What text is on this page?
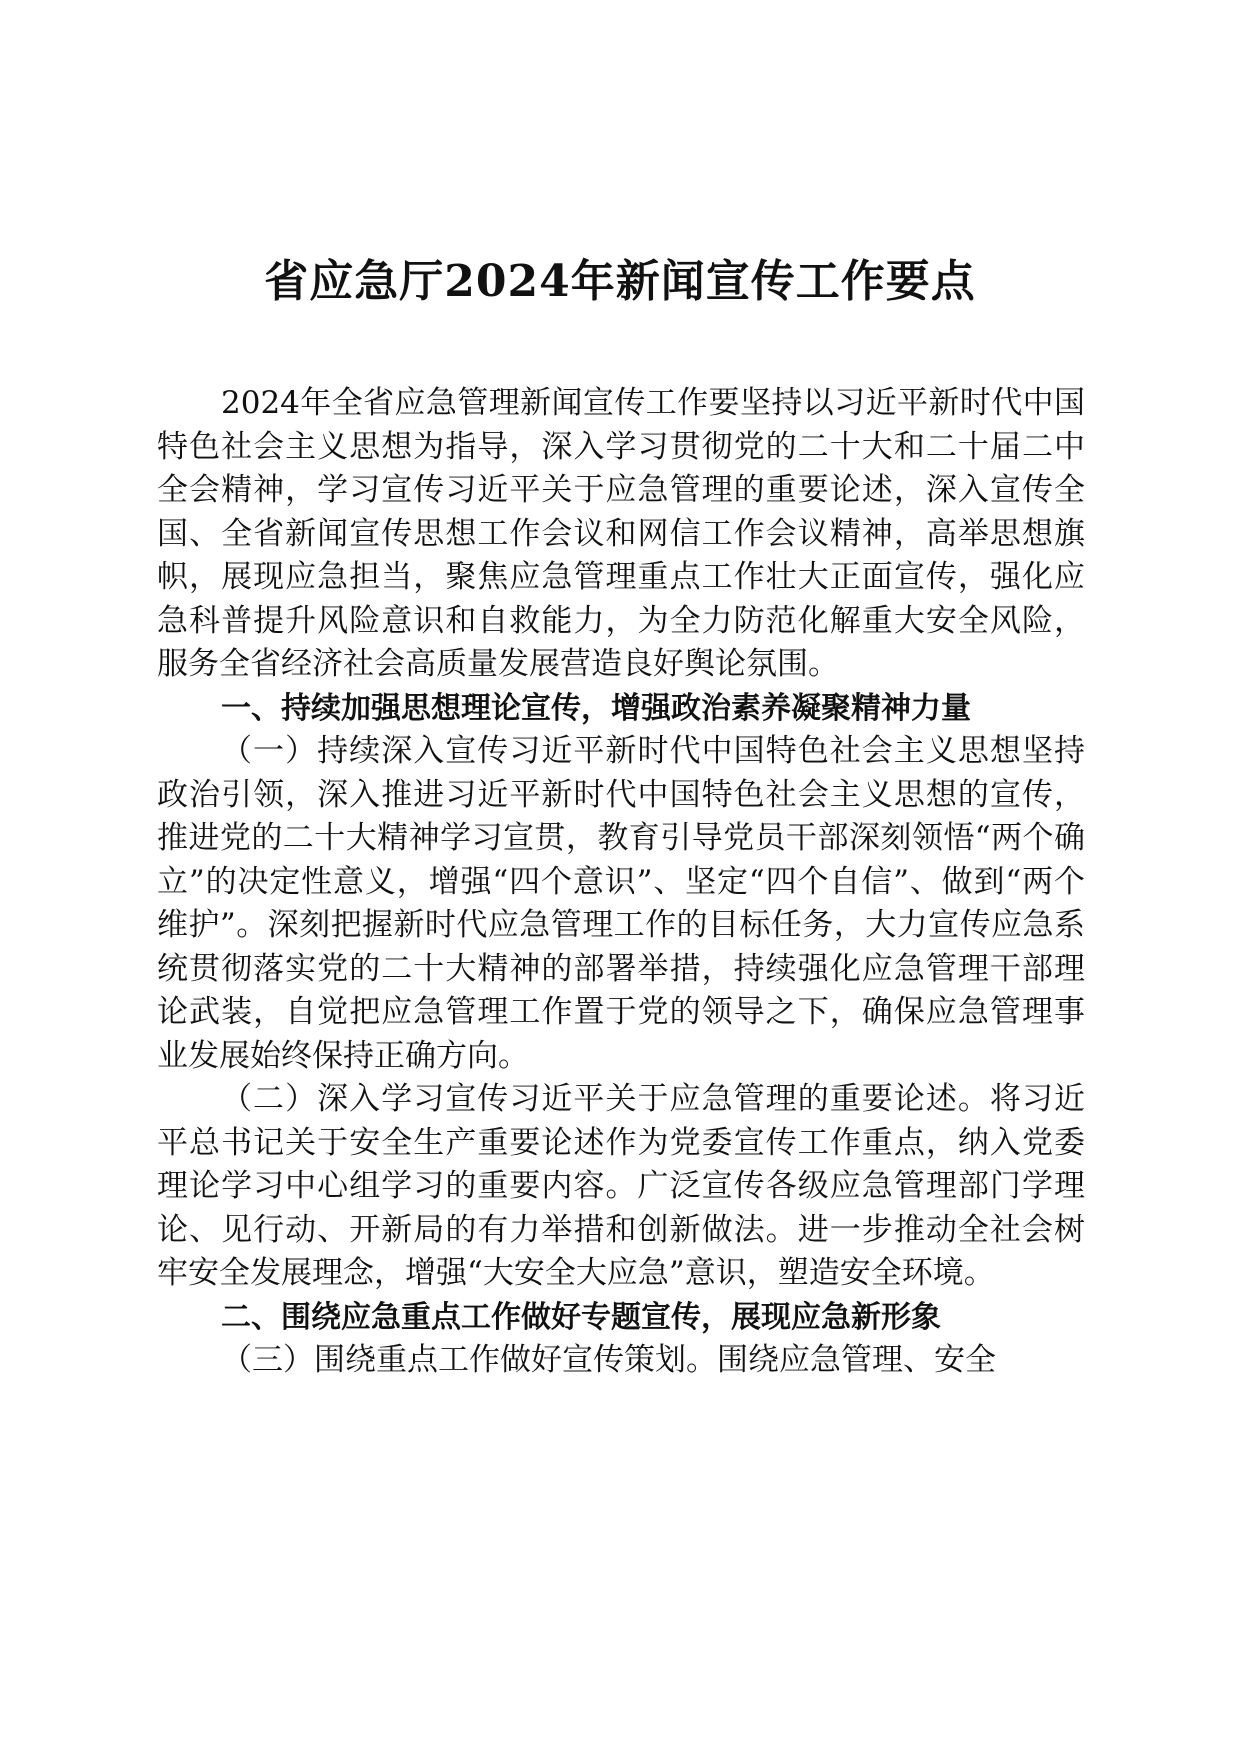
省应急厅2024年新闻宣传工作要点

2024年全省应急管理新闻宣传工作要坚持以习近平新时代中国特色社会主义思想为指导，深入学习贯彻党的二十大和二十届二中全会精神，学习宣传习近平关于应急管理的重要论述，深入宣传全国、全省新闻宣传思想工作会议和网信工作会议精神，高举思想旗帜，展现应急担当，聚焦应急管理重点工作壮大正面宣传，强化应急科普提升风险意识和自救能力，为全力防范化解重大安全风险，服务全省经济社会高质量发展营造良好舆论氛围。

一、持续加强思想理论宣传，增强政治素养凝聚精神力量

（一）持续深入宣传习近平新时代中国特色社会主义思想坚持政治引领，深入推进习近平新时代中国特色社会主义思想的宣传，推进党的二十大精神学习宣贯，教育引导党员干部深刻领悟“两个确立”的决定性意义，增强“四个意识”、坚定“四个自信”、做到“两个维护”。深刻把握新时代应急管理工作的目标任务，大力宣传应急系统贯彻落实党的二十大精神的部署举措，持续强化应急管理干部理论武装，自觉把应急管理工作置于党的领导之下，确保应急管理事业发展始终保持正确方向。

（二）深入学习宣传习近平关于应急管理的重要论述。将习近平总书记关于安全生产重要论述作为党委宣传工作重点，纳入党委理论学习中心组学习的重要内容。广泛宣传各级应急管理部门学理论、见行动、开新局的有力举措和创新做法。进一步推动全社会树牢安全发展理念，增强“大安全大应急”意识，塑造安全环境。

二、围绕应急重点工作做好专题宣传，展现应急新形象

（三）围绕重点工作做好宣传策划。围绕应急管理、安全
